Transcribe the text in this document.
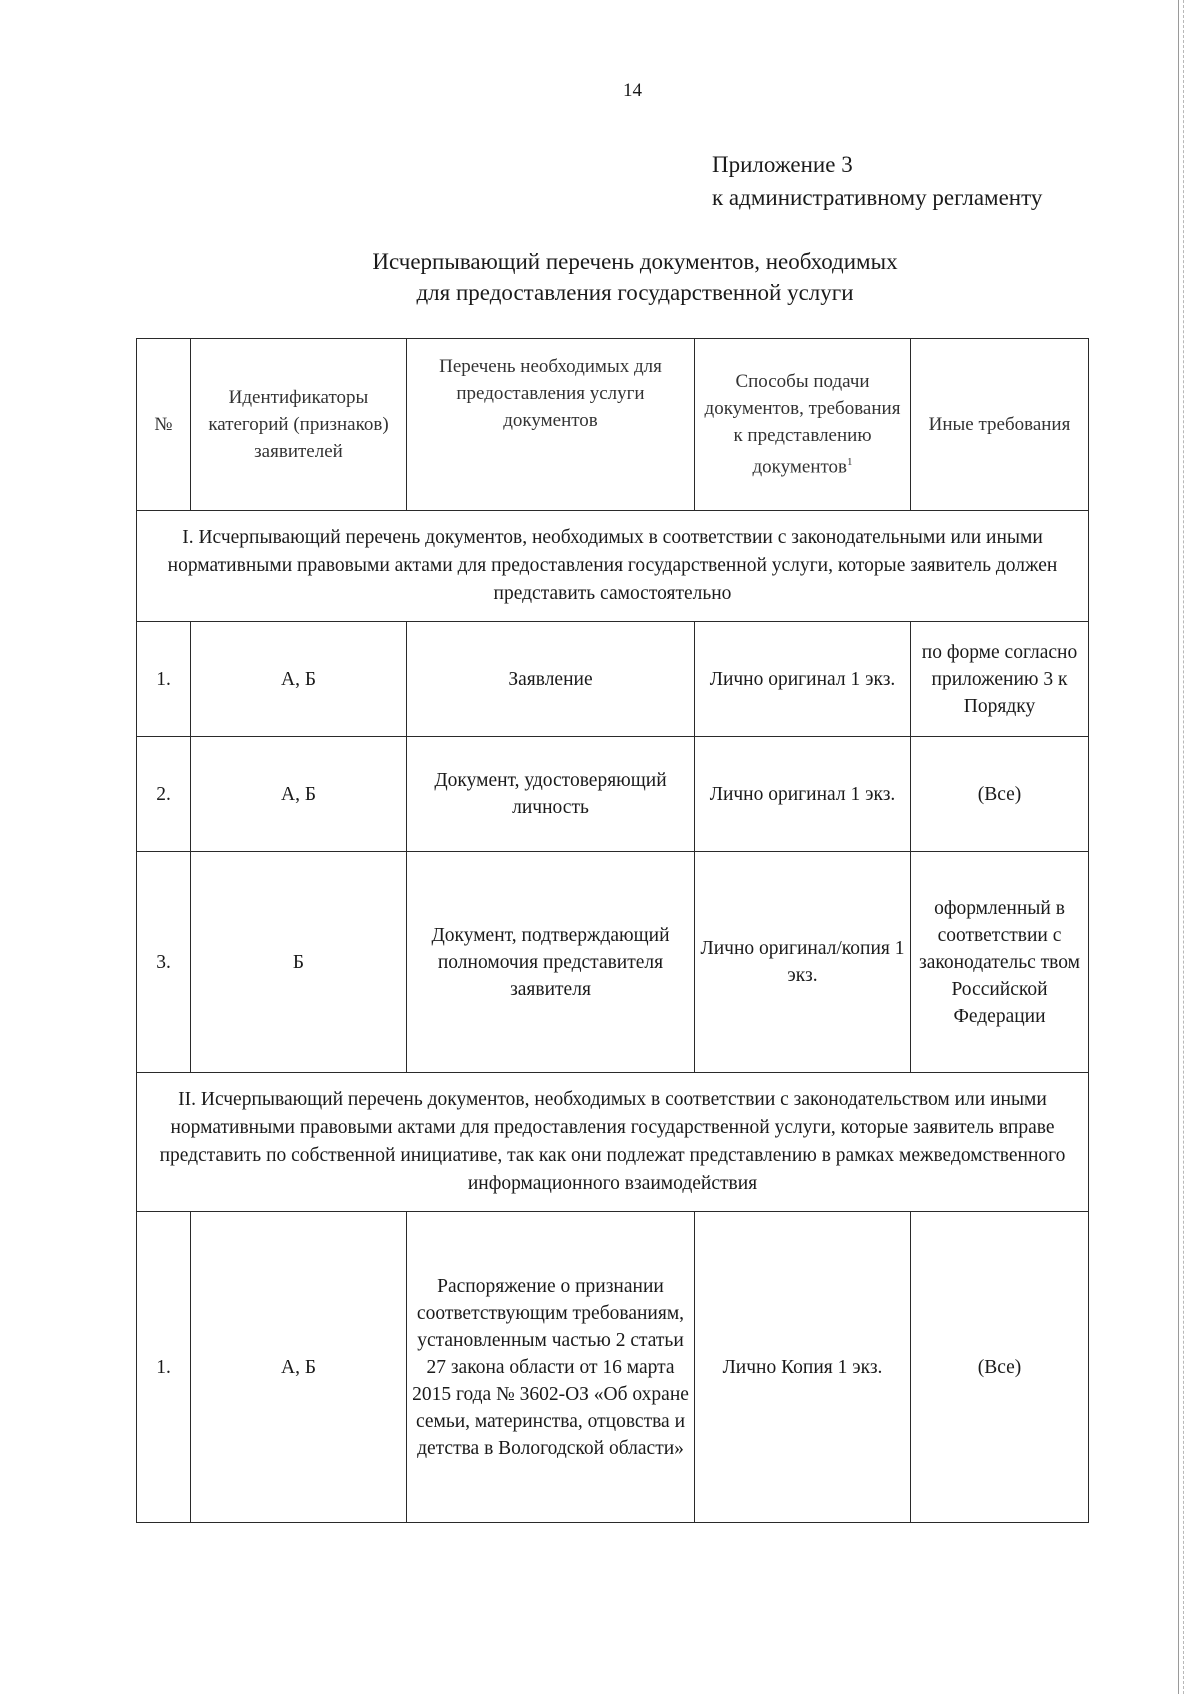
14
Приложение 3
к административному регламенту
Исчерпывающий перечень документов, необходимых
для предоставления государственной услуги
№	Идентификаторы категорий (признаков) заявителей	Перечень необходимых для предоставления услуги документов	Способы подачи документов, требования к представлению документов$^1$	Иные требования
I. Исчерпывающий перечень документов, необходимых в соответствии с законодательными или иными нормативными правовыми актами для предоставления государственной услуги, которые заявитель должен представить самостоятельно				
1.	А, Б	Заявление	Лично оригинал 1 экз.	по форме согласно приложению 3 к Порядку
2.	А, Б	Документ, удостоверяющий личность	Лично оригинал 1 экз.	(Все)
3.	Б	Документ, подтверждающий полномочия представителя заявителя	Лично оригинал/копия 1 экз.	оформленный в соответствии с законодательс твом Российской Федерации
II. Исчерпывающий перечень документов, необходимых в соответствии с законодательством или иными нормативными правовыми актами для предоставления государственной услуги, которые заявитель вправе представить по собственной инициативе, так как они подлежат представлению в рамках межведомственного информационного взаимодействия				
1.	А, Б	Распоряжение о признании соответствующим требованиям, установленным частью 2 статьи 27 закона области от 16 марта 2015 года № 3602-ОЗ «Об охране семьи, материнства, отцовства и детства в Вологодской области»	Лично Копия 1 экз.	(Все)
